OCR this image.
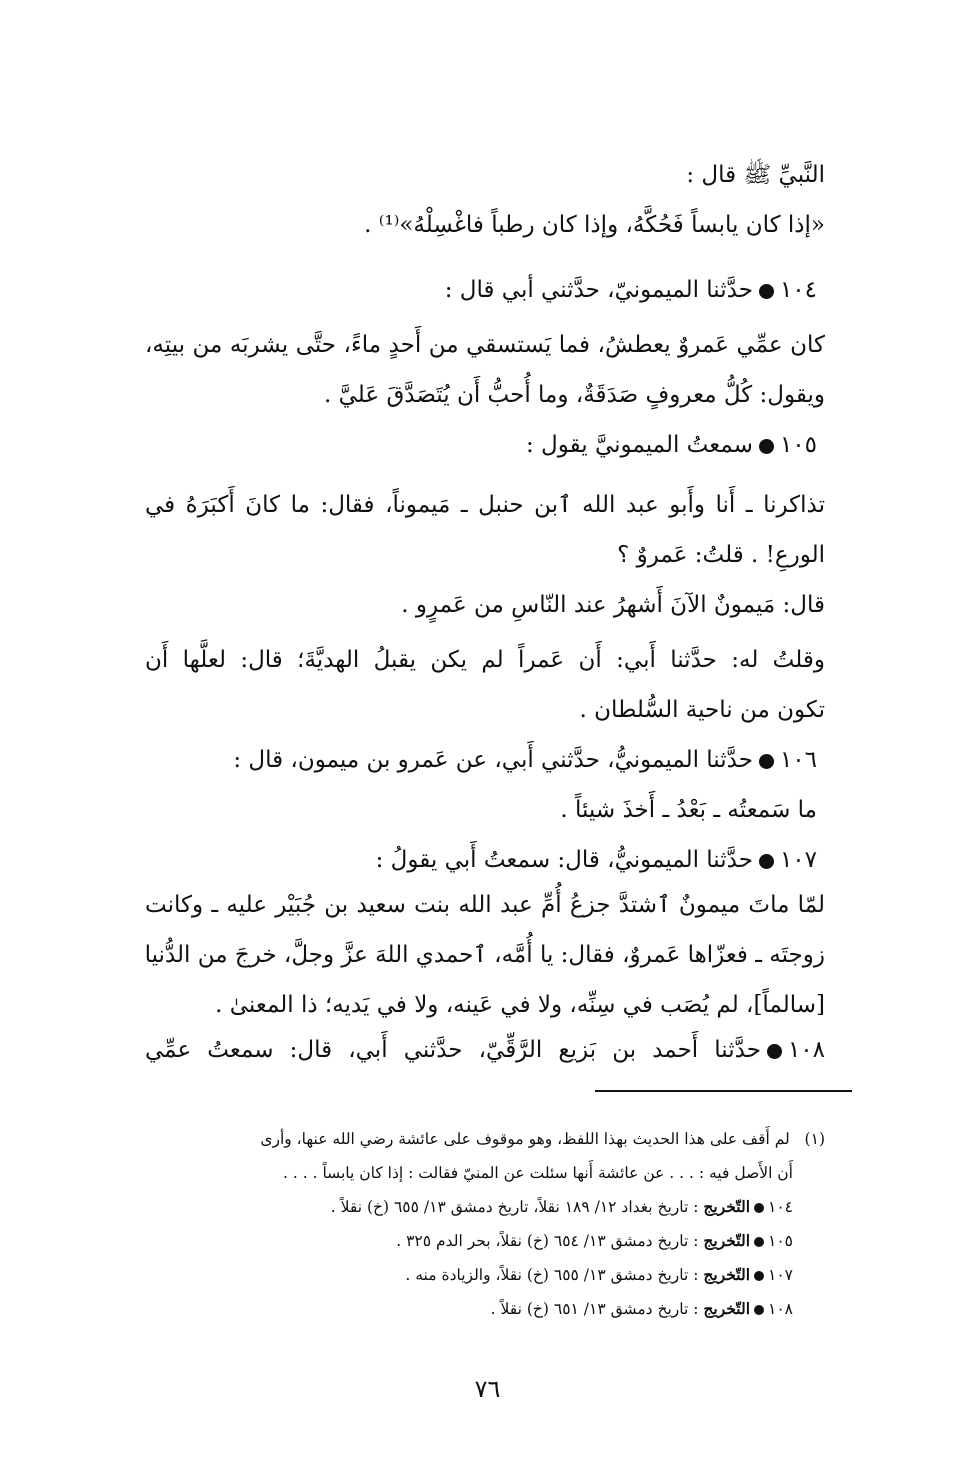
النَّبيِّ ﷺ قال :
«إذا كان يابساً فَحُكَّهُ، وإذا كان رطباً فاغْسِلْهُ»⁽¹⁾ .
١٠٤حدَّثنا الميمونيّ، حدَّثني أبي قال :
كان عمِّي عَمروٌ يعطشُ، فما يَستسقي من أَحدٍ ماءً، حتَّى يشربَه من بيتِه،
ويقول: كُلُّ معروفٍ صَدَقَةٌ، وما أُحبُّ أَن يُتَصَدَّقَ عَليَّ .
١٠٥سمعتُ الميمونيَّ يقول :
تذاكرنا ـ أَنا وأَبو عبد الله ٱبن حنبل ـ مَيموناً، فقال: ما كانَ أَكبَرَهُ في
الورعِ! . قلتُ: عَمروٌ ؟
قال: مَيمونٌ الآنَ أَشهرُ عند النّاسِ من عَمرٍو .
وقلتُ له: حدَّثنا أَبي: أَن عَمراً لم يكن يقبلُ الهديَّةَ؛ قال: لعلَّها أَن
تكون من ناحية السُّلطان .
١٠٦حدَّثنا الميمونيُّ، حدَّثني أَبي، عن عَمرو بن ميمون، قال :
ما سَمعتُه ـ بَعْدُ ـ أَخذَ شيئاً .
١٠٧حدَّثنا الميمونيُّ، قال: سمعتُ أَبي يقولُ :
لمّا ماتَ ميمونٌ ٱشتدَّ جزعُ أُمِّ عبد الله بنت سعيد بن جُبَيْر عليه ـ وكانت
زوجتَه ـ فعزّاها عَمروٌ، فقال: يا أُمَّه، ٱحمدي اللهَ عزَّ وجلَّ، خرجَ من الدُّنيا
[سالماً]، لم يُصَب في سِنِّه، ولا في عَينه، ولا في يَديه؛ ذا المعنىٰ .
١٠٨حدَّثنا أَحمد بن بَزيع الرَّقِّيّ، حدَّثني أَبي، قال: سمعتُ عمِّي
(١)   لم أَقف على هذا الحديث بهذا اللفظ، وهو موقوف على عائشة رضي الله عنها، وأرى
أَن الأَصل فيه : . . . عن عائشة أَنها سئلت عن المنيّ فقالت : إذا كان يابساً . . . .
١٠٤التّخريج : تاريخ بغداد ١٢/ ١٨٩ نقلاً، تاريخ دمشق ١٣/ ٦٥٥ (خ) نقلاً .
١٠٥التّخريج : تاريخ دمشق ١٣/ ٦٥٤ (خ) نقلاً، بحر الدم ٣٢٥ .
١٠٧التّخريج : تاريخ دمشق ١٣/ ٦٥٥ (خ) نقلاً، والزيادة منه .
١٠٨التّخريج : تاريخ دمشق ١٣/ ٦٥١ (خ) نقلاً .
٧٦
